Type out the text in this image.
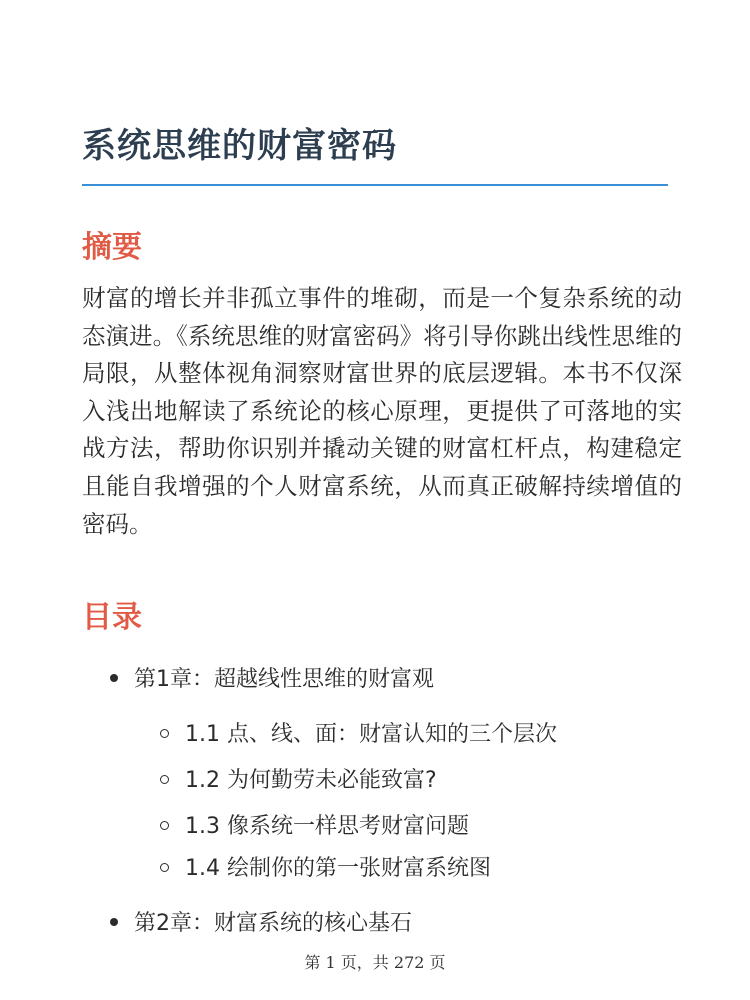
系统思维的财富密码
摘要

财富的增长并非孤立事件的堆砌，而是一个复杂系统的动态演进。《系统思维的财富密码》将引导你跳出线性思维的局限，从整体视角洞察财富世界的底层逻辑。本书不仅深入浅出地解读了系统论的核心原理，更提供了可落地的实战方法，帮助你识别并撬动关键的财富杠杆点，构建稳定且能自我增强的个人财富系统，从而真正破解持续增值的密码。

目录
第1章：超越线性思维的财富观
1.1 点、线、面：财富认知的三个层次
1.2 为何勤劳未必能致富?
1.3 像系统一样思考财富问题
1.4 绘制你的第一张财富系统图
第2章：财富系统的核心基石
第 1 页，共 272 页
